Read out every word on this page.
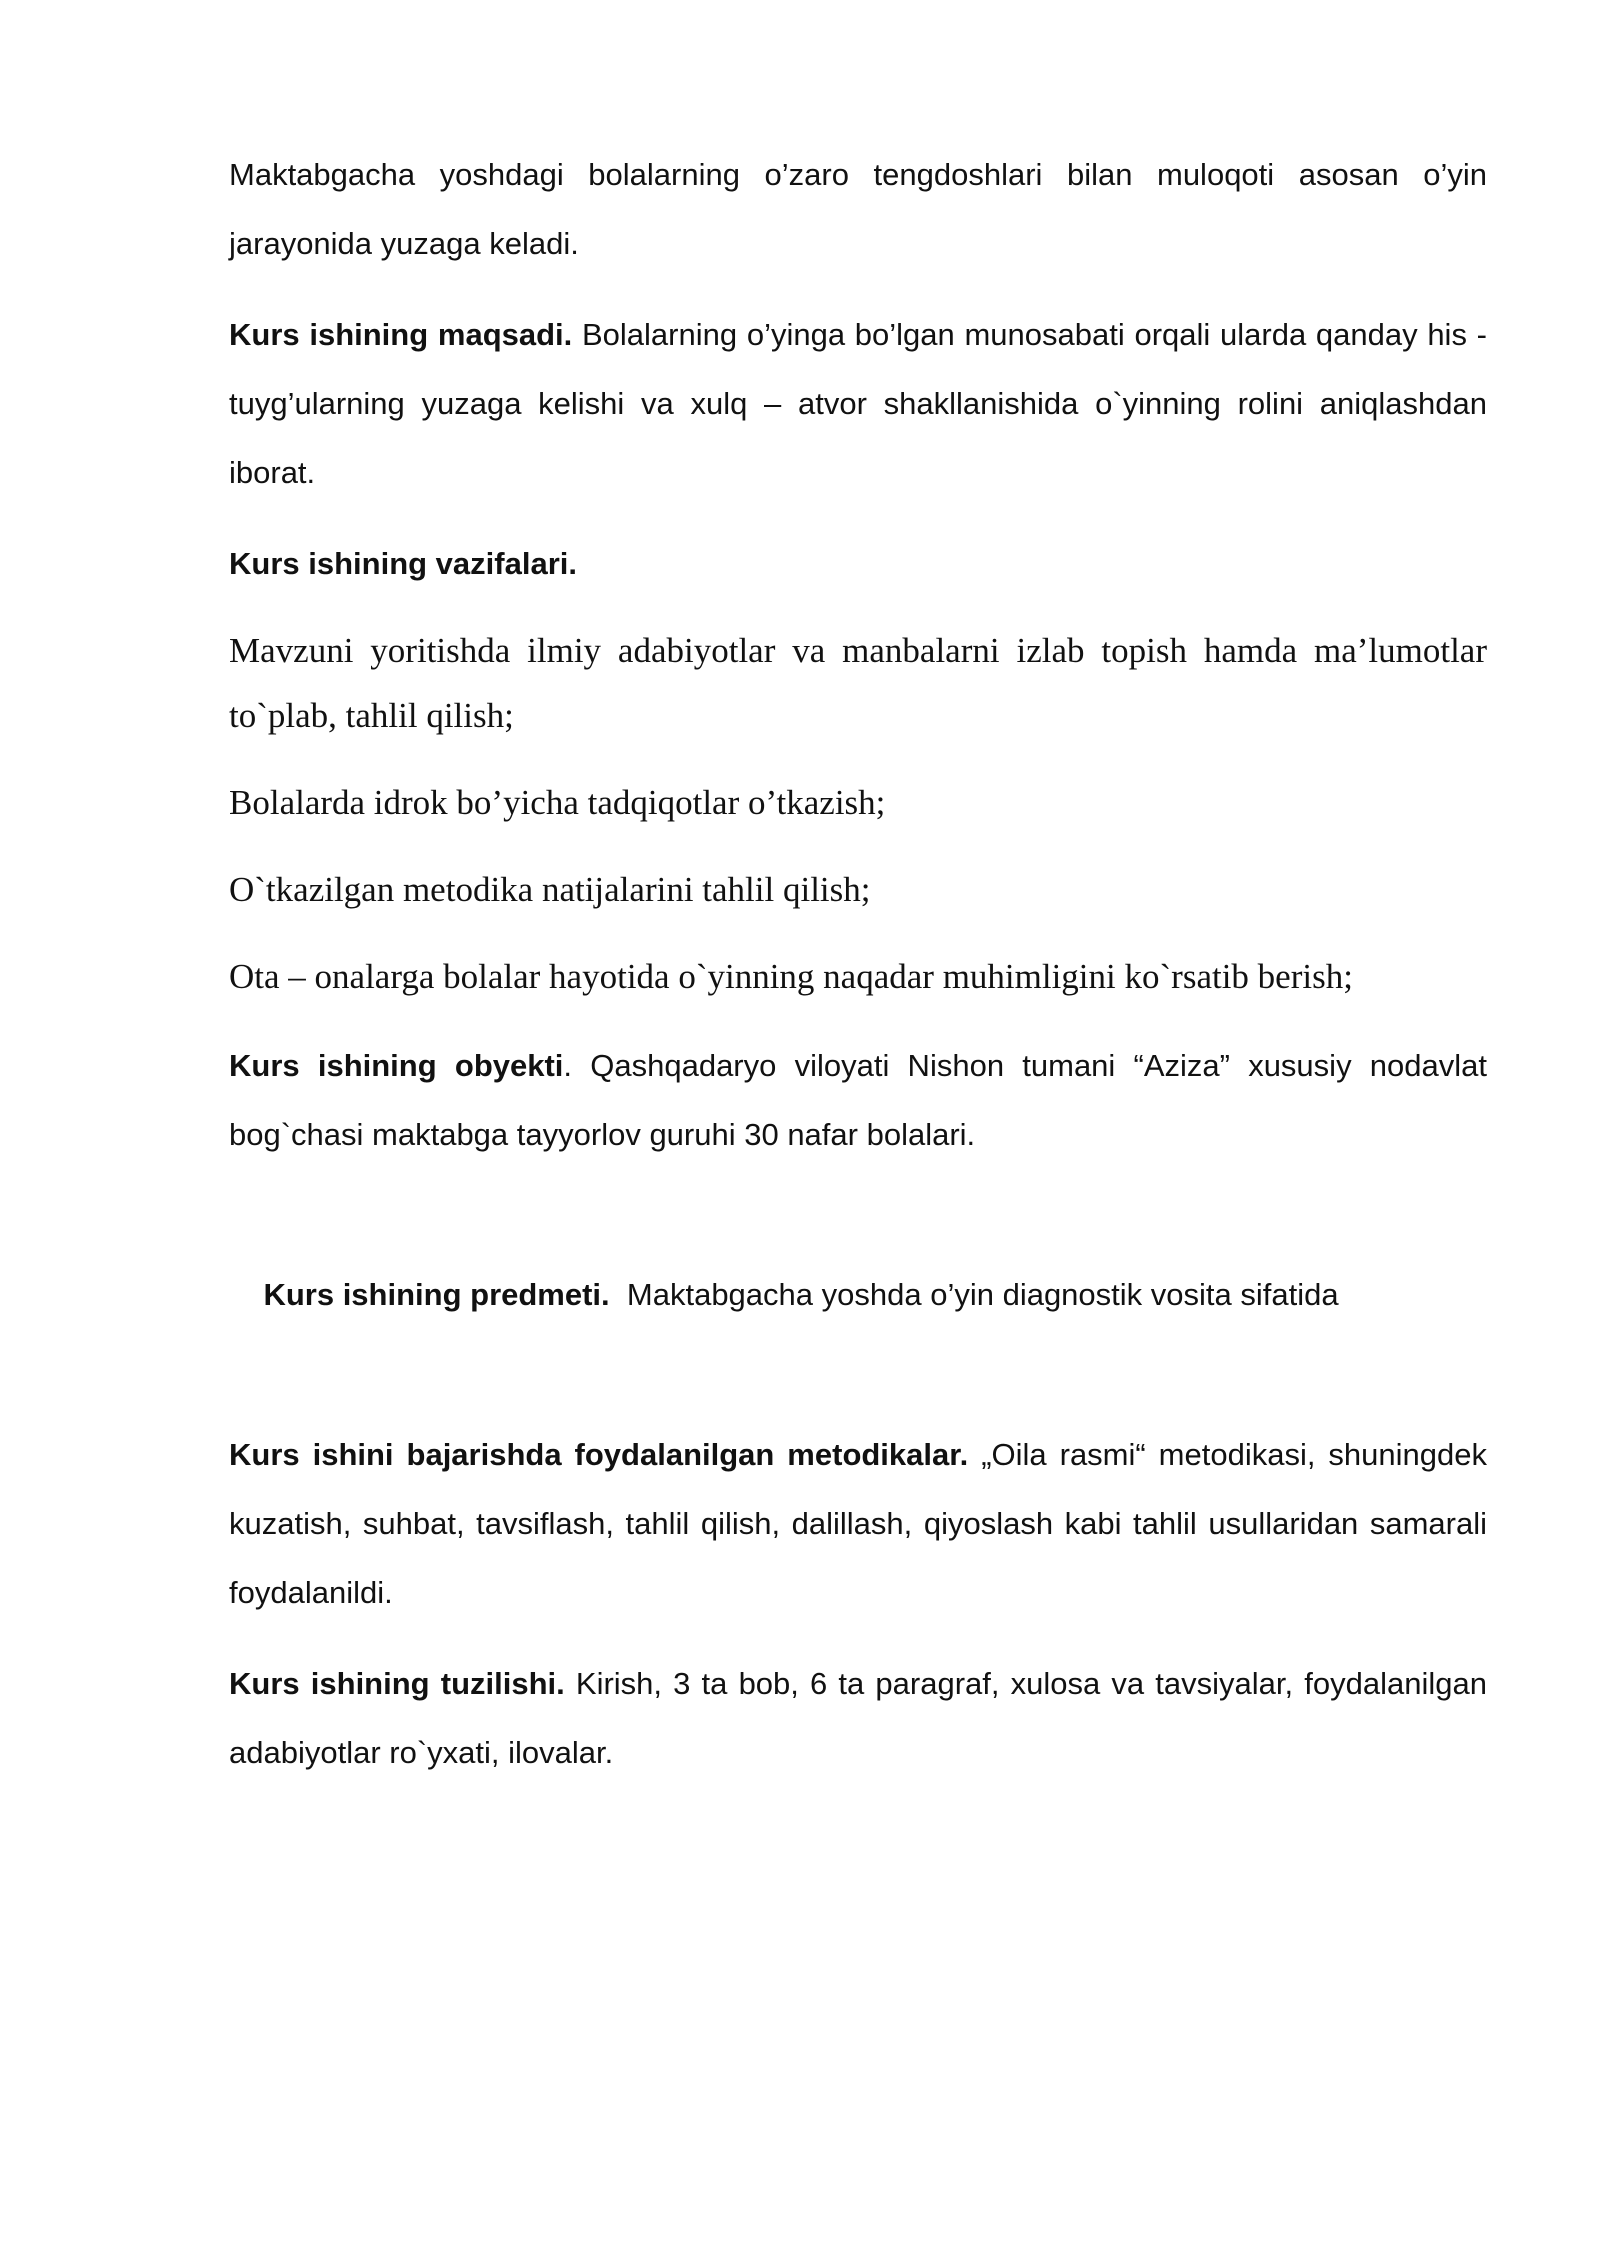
Maktabgacha yoshdagi bolalarning o’zaro tengdoshlari bilan muloqoti asosan o’yin jarayonida yuzaga keladi.

Kurs ishining maqsadi. Bolalarning o’yinga bo’lgan munosabati orqali ularda qanday his - tuyg’ularning yuzaga kelishi va xulq – atvor shakllanishida o`yinning rolini aniqlashdan iborat.

Kurs ishining vazifalari.

Mavzuni yoritishda ilmiy adabiyotlar va manbalarni izlab topish hamda ma’lumotlar to`plab, tahlil qilish;

Bolalarda idrok bo’yicha tadqiqotlar o’tkazish;

O`tkazilgan metodika natijalarini tahlil qilish;

Ota – onalarga bolalar hayotida o`yinning naqadar muhimligini ko`rsatib berish;

Kurs ishining obyekti. Qashqadaryo viloyati Nishon tumani “Aziza” xususiy nodavlat bog`chasi maktabga tayyorlov guruhi 30 nafar bolalari.

Kurs ishining predmeti.  Maktabgacha yoshda o’yin diagnostik vosita sifatida

Kurs ishini bajarishda foydalanilgan metodikalar. „Oila rasmi“ metodikasi, shuningdek kuzatish, suhbat, tavsiflash, tahlil qilish, dalillash, qiyoslash kabi tahlil usullaridan samarali foydalanildi.

Kurs ishining tuzilishi. Kirish, 3 ta bob, 6 ta paragraf, xulosa va tavsiyalar, foydalanilgan adabiyotlar ro`yxati, ilovalar.
